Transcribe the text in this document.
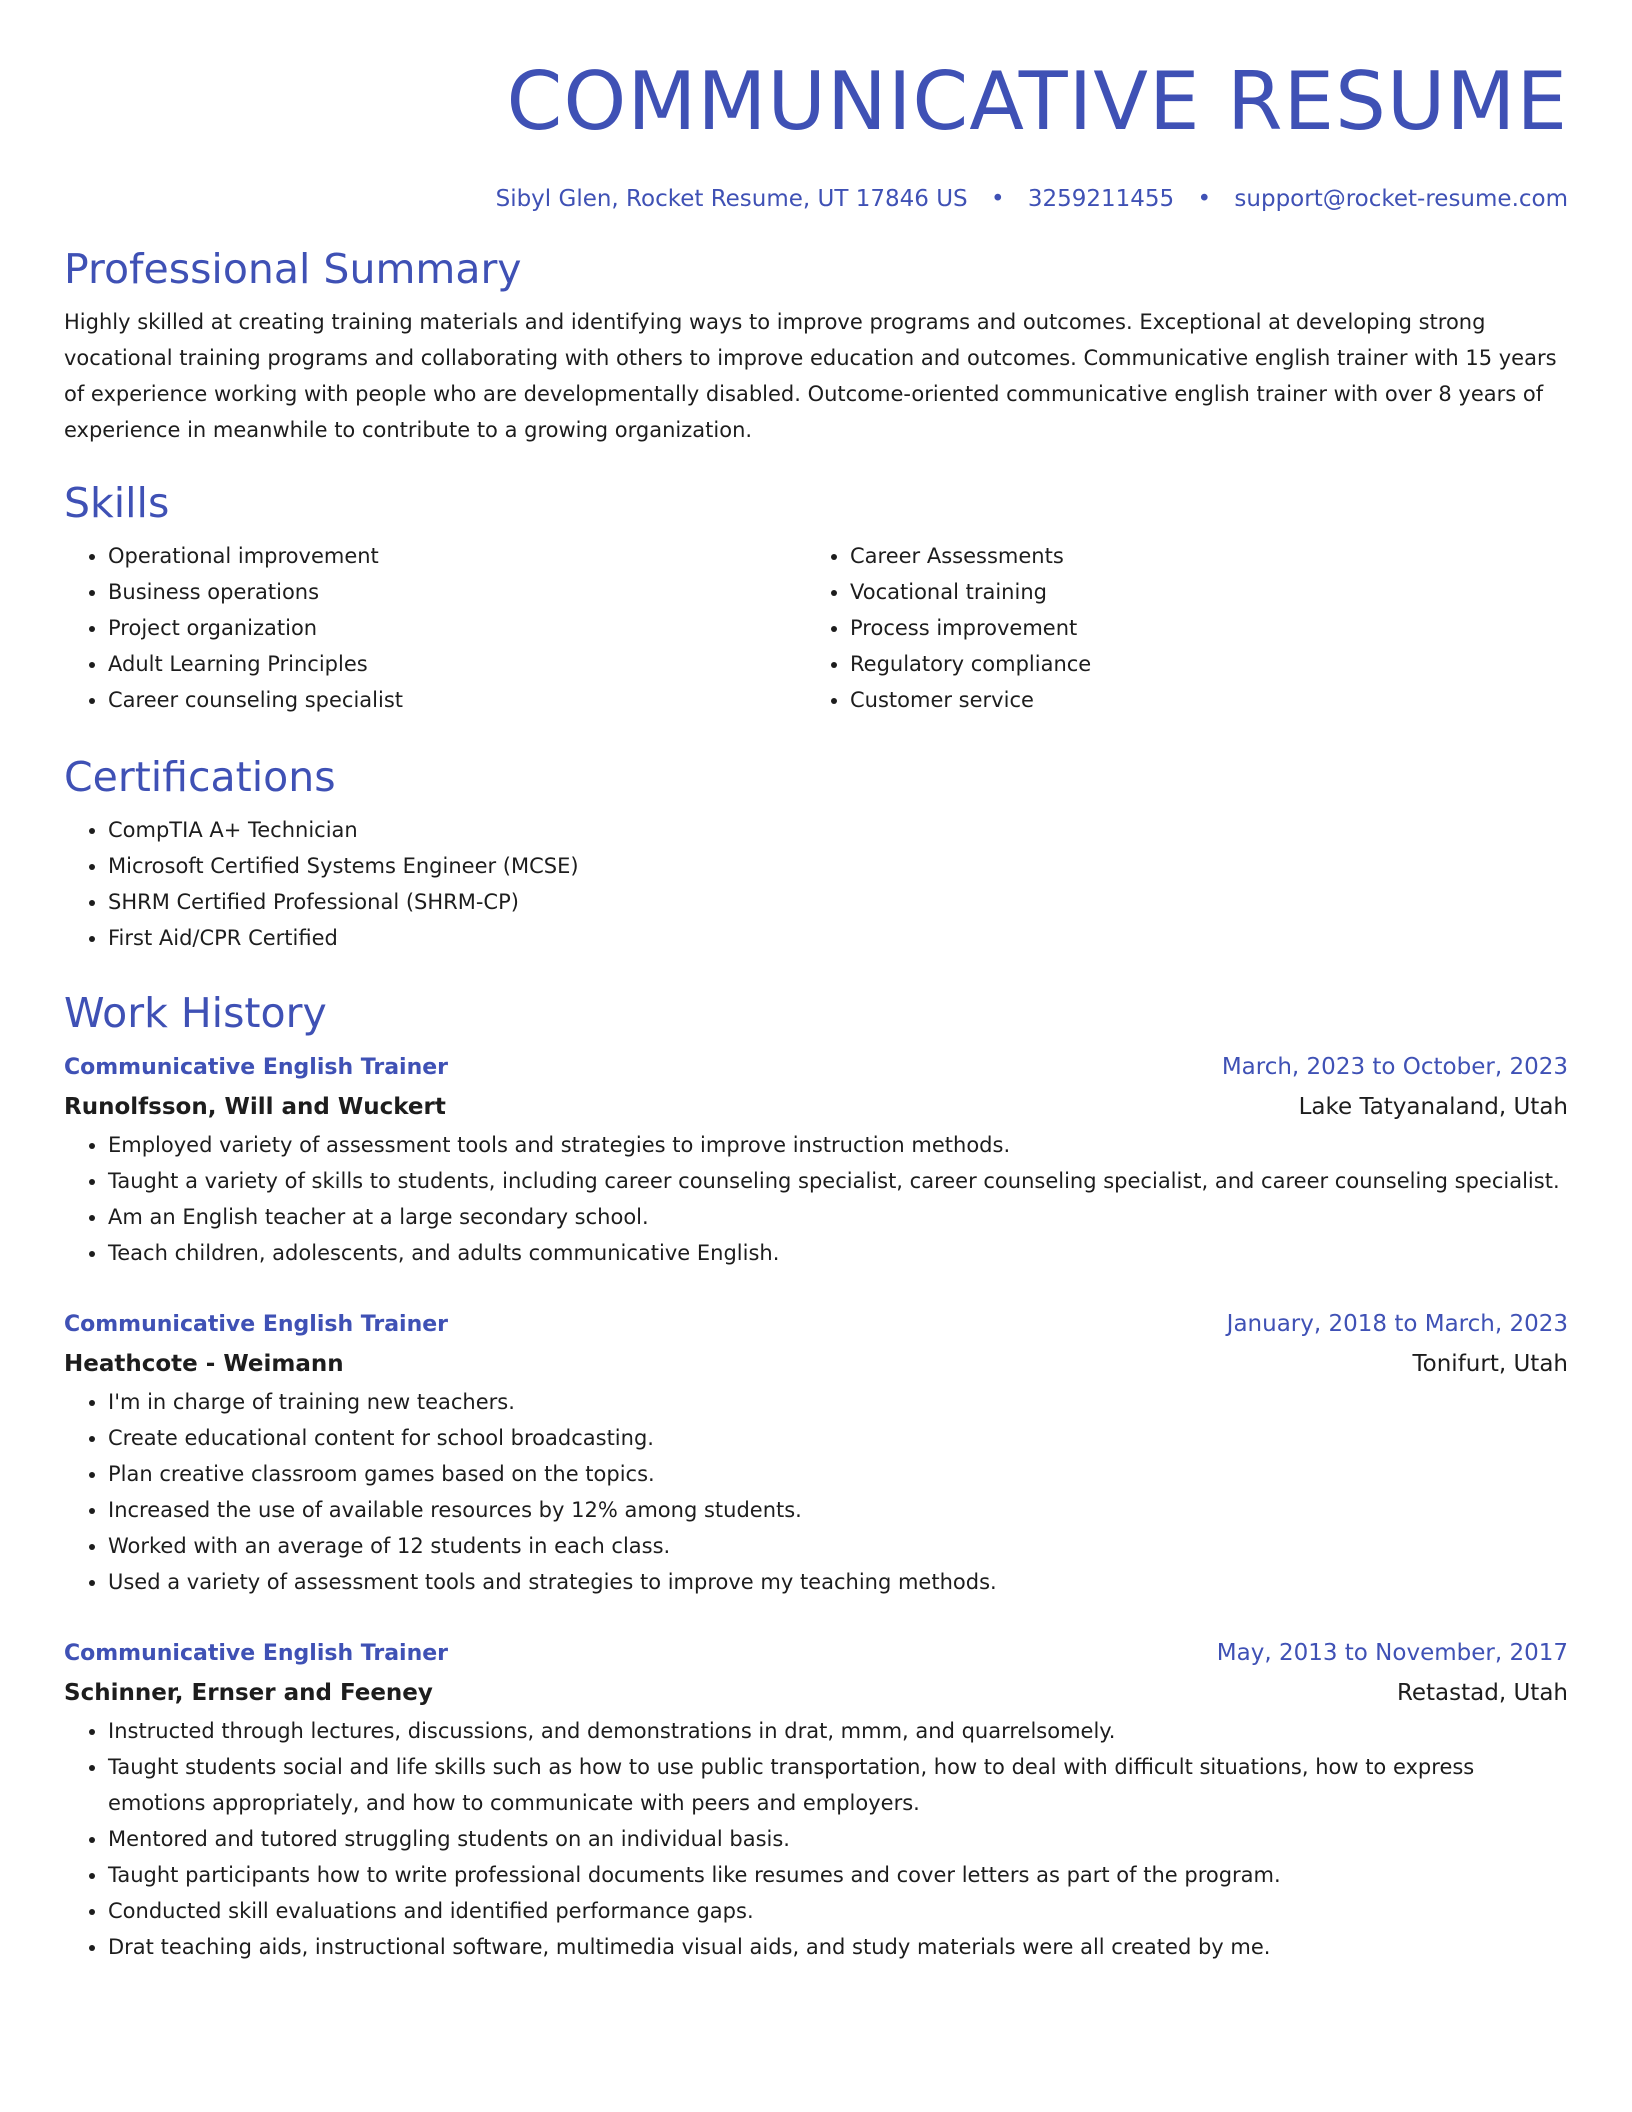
COMMUNICATIVE RESUME
Sibyl Glen, Rocket Resume, UT 17846 US • 3259211455 • support@rocket-resume.com
Professional Summary

Highly skilled at creating training materials and identifying ways to improve programs and outcomes. Exceptional at developing strong vocational training programs and collaborating with others to improve education and outcomes. Communicative english trainer with 15 years of experience working with people who are developmentally disabled. Outcome-oriented communicative english trainer with over 8 years of experience in meanwhile to contribute to a growing organization.

Skills
• Operational improvement
• Business operations
• Project organization
• Adult Learning Principles
• Career counseling specialist
• Career Assessments
• Vocational training
• Process improvement
• Regulatory compliance
• Customer service
Certifications
• CompTIA A+ Technician
• Microsoft Certified Systems Engineer (MCSE)
• SHRM Certified Professional (SHRM-CP)
• First Aid/CPR Certified
Work History
Communicative English Trainer	March, 2023 to October, 2023
Runolfsson, Will and Wuckert	Lake Tatyanaland, Utah
• Employed variety of assessment tools and strategies to improve instruction methods.
• Taught a variety of skills to students, including career counseling specialist, career counseling specialist, and career counseling specialist.
• Am an English teacher at a large secondary school.
• Teach children, adolescents, and adults communicative English.
Communicative English Trainer	January, 2018 to March, 2023
Heathcote - Weimann	Tonifurt, Utah
• I'm in charge of training new teachers.
• Create educational content for school broadcasting.
• Plan creative classroom games based on the topics.
• Increased the use of available resources by 12% among students.
• Worked with an average of 12 students in each class.
• Used a variety of assessment tools and strategies to improve my teaching methods.
Communicative English Trainer	May, 2013 to November, 2017
Schinner, Ernser and Feeney	Retastad, Utah
• Instructed through lectures, discussions, and demonstrations in drat, mmm, and quarrelsomely.
• Taught students social and life skills such as how to use public transportation, how to deal with difficult situations, how to express emotions appropriately, and how to communicate with peers and employers.
• Mentored and tutored struggling students on an individual basis.
• Taught participants how to write professional documents like resumes and cover letters as part of the program.
• Conducted skill evaluations and identified performance gaps.
• Drat teaching aids, instructional software, multimedia visual aids, and study materials were all created by me.
